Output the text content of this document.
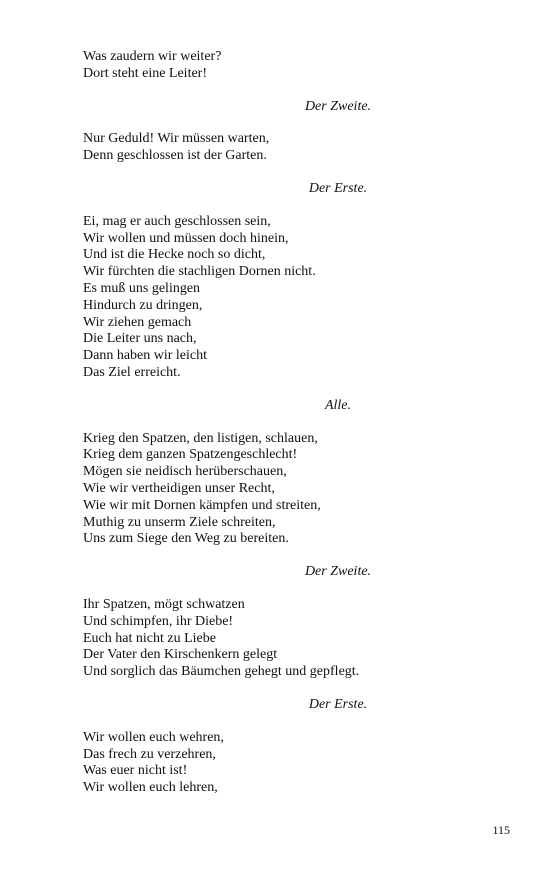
Was zaudern wir weiter?
Dort steht eine Leiter!
Der Zweite.
Nur Geduld! Wir müssen warten,
Denn geschlossen ist der Garten.
Der Erste.
Ei, mag er auch geschlossen sein,
Wir wollen und müssen doch hinein,
Und ist die Hecke noch so dicht,
Wir fürchten die stachligen Dornen nicht.
Es muß uns gelingen
Hindurch zu dringen,
Wir ziehen gemach
Die Leiter uns nach,
Dann haben wir leicht
Das Ziel erreicht.
Alle.
Krieg den Spatzen, den listigen, schlauen,
Krieg dem ganzen Spatzengeschlecht!
Mögen sie neidisch herüberschauen,
Wie wir vertheidigen unser Recht,
Wie wir mit Dornen kämpfen und streiten,
Muthig zu unserm Ziele schreiten,
Uns zum Siege den Weg zu bereiten.
Der Zweite.
Ihr Spatzen, mögt schwatzen
Und schimpfen, ihr Diebe!
Euch hat nicht zu Liebe
Der Vater den Kirschenkern gelegt
Und sorglich das Bäumchen gehegt und gepflegt.
Der Erste.
Wir wollen euch wehren,
Das frech zu verzehren,
Was euer nicht ist!
Wir wollen euch lehren,
115
